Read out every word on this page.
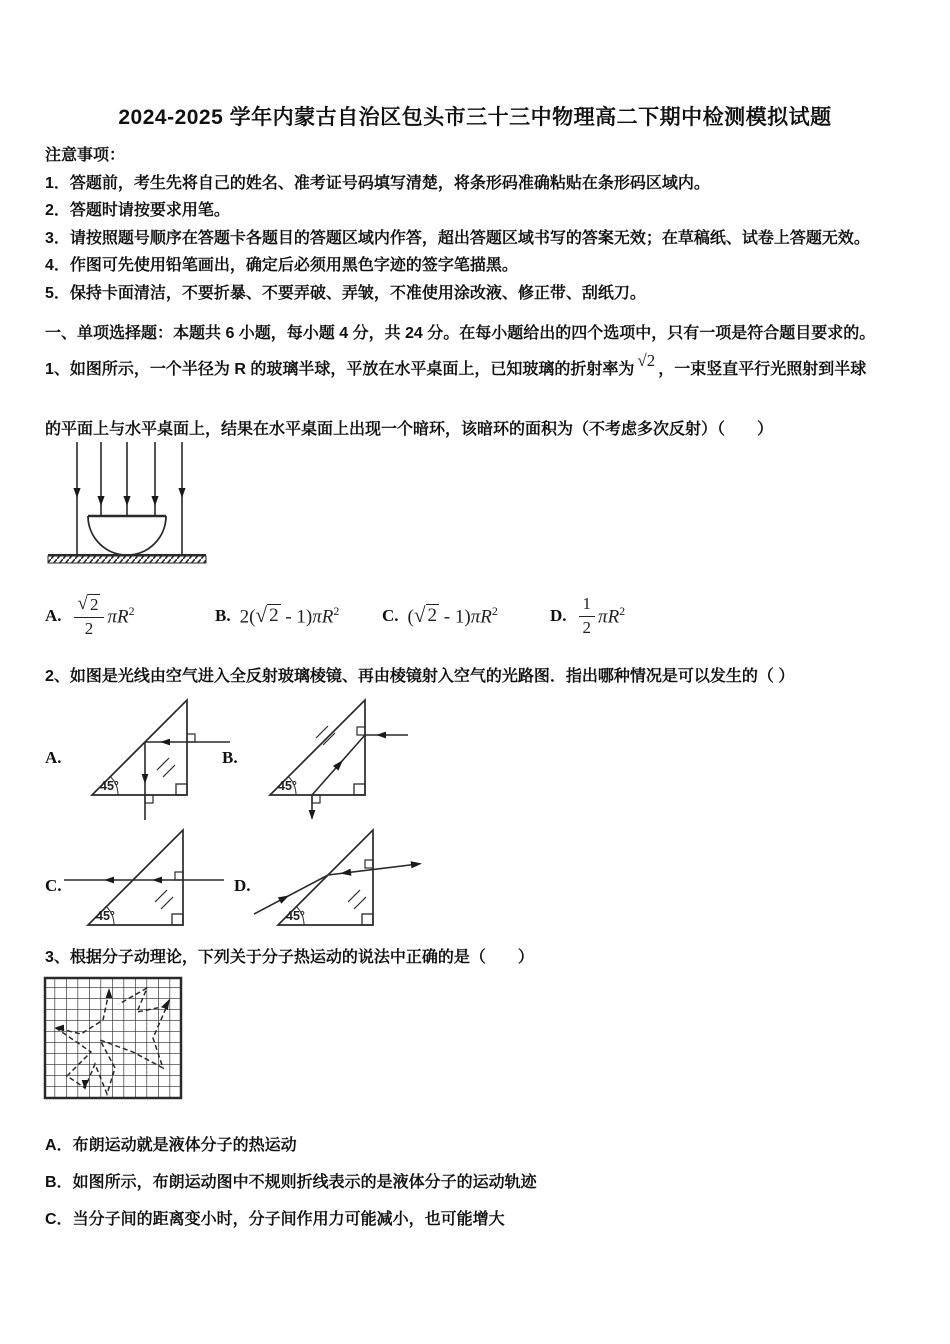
2024-2025 学年内蒙古自治区包头市三十三中物理高二下期中检测模拟试题
注意事项：
1．答题前，考生先将自己的姓名、准考证号码填写清楚，将条形码准确粘贴在条形码区域内。
2．答题时请按要求用笔。
3．请按照题号顺序在答题卡各题目的答题区域内作答，超出答题区域书写的答案无效；在草稿纸、试卷上答题无效。
4．作图可先使用铅笔画出，确定后必须用黑色字迹的签字笔描黑。
5．保持卡面清洁，不要折暴、不要弄破、弄皱，不准使用涂改液、修正带、刮纸刀。
一、单项选择题：本题共 6 小题，每小题 4 分，共 24 分。在每小题给出的四个选项中，只有一项是符合题目要求的。
1、如图所示，一个半径为 R 的玻璃半球，平放在水平桌面上，已知玻璃的折射率为 √ 2 ，一束竖直平行光照射到半球
的平面上与水平桌面上，结果在水平桌面上出现一个暗环，该暗环的面积为（不考虑多次反射）（　　）
A. $\frac{√ 2}{2} \pi R^2$	B. 2( √ $2 - 1)\pi R^2$	C. ( √ $2 - 1)\pi R^2$	D. $\frac{1}{2} \pi R^2$
2、如图是光线由空气进入全反射玻璃棱镜、再由棱镜射入空气的光路图．指出哪种情况是可以发生的（ ）
A.	B.
C.	D.
45°	45°
45°	45°
3、根据分子动理论，下列关于分子热运动的说法中正确的是（　　）
A．布朗运动就是液体分子的热运动
B．如图所示，布朗运动图中不规则折线表示的是液体分子的运动轨迹
C．当分子间的距离变小时，分子间作用力可能减小，也可能增大
